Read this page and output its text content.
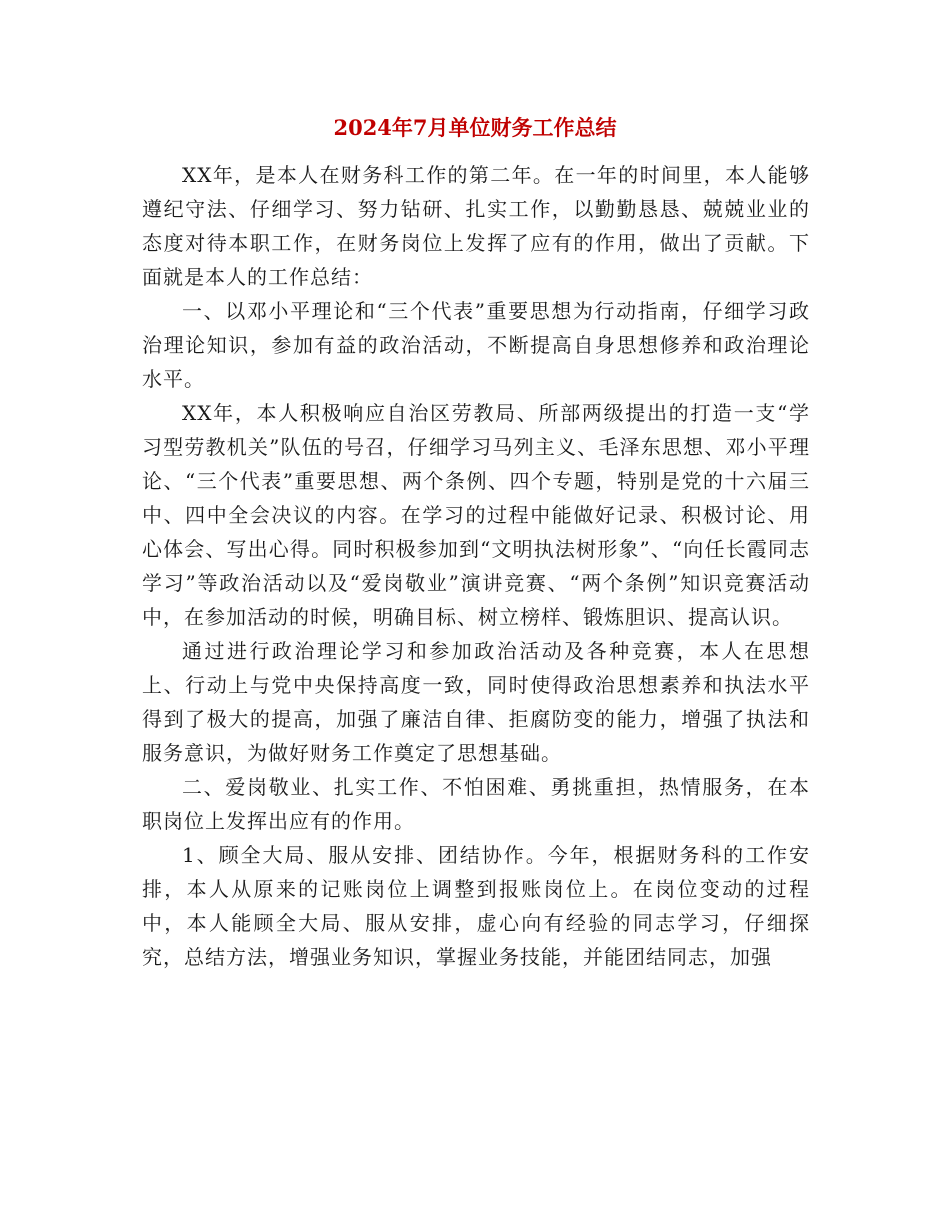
2024年7月单位财务工作总结

XX年，是本人在财务科工作的第二年。在一年的时间里，本人能够遵纪守法、仔细学习、努力钻研、扎实工作，以勤勤恳恳、兢兢业业的态度对待本职工作，在财务岗位上发挥了应有的作用，做出了贡献。下面就是本人的工作总结：

一、以邓小平理论和“三个代表”重要思想为行动指南，仔细学习政治理论知识，参加有益的政治活动，不断提高自身思想修养和政治理论水平。

XX年，本人积极响应自治区劳教局、所部两级提出的打造一支“学习型劳教机关”队伍的号召，仔细学习马列主义、毛泽东思想、邓小平理论、“三个代表”重要思想、两个条例、四个专题，特别是党的十六届三中、四中全会决议的内容。在学习的过程中能做好记录、积极讨论、用心体会、写出心得。同时积极参加到“文明执法树形象”、“向任长霞同志学习”等政治活动以及“爱岗敬业”演讲竞赛、“两个条例”知识竞赛活动中，在参加活动的时候，明确目标、树立榜样、锻炼胆识、提高认识。

通过进行政治理论学习和参加政治活动及各种竞赛，本人在思想上、行动上与党中央保持高度一致，同时使得政治思想素养和执法水平得到了极大的提高，加强了廉洁自律、拒腐防变的能力，增强了执法和服务意识，为做好财务工作奠定了思想基础。

二、爱岗敬业、扎实工作、不怕困难、勇挑重担，热情服务，在本职岗位上发挥出应有的作用。

1、顾全大局、服从安排、团结协作。今年，根据财务科的工作安排，本人从原来的记账岗位上调整到报账岗位上。在岗位变动的过程中，本人能顾全大局、服从安排，虚心向有经验的同志学习，仔细探究，总结方法，增强业务知识，掌握业务技能，并能团结同志，加强
